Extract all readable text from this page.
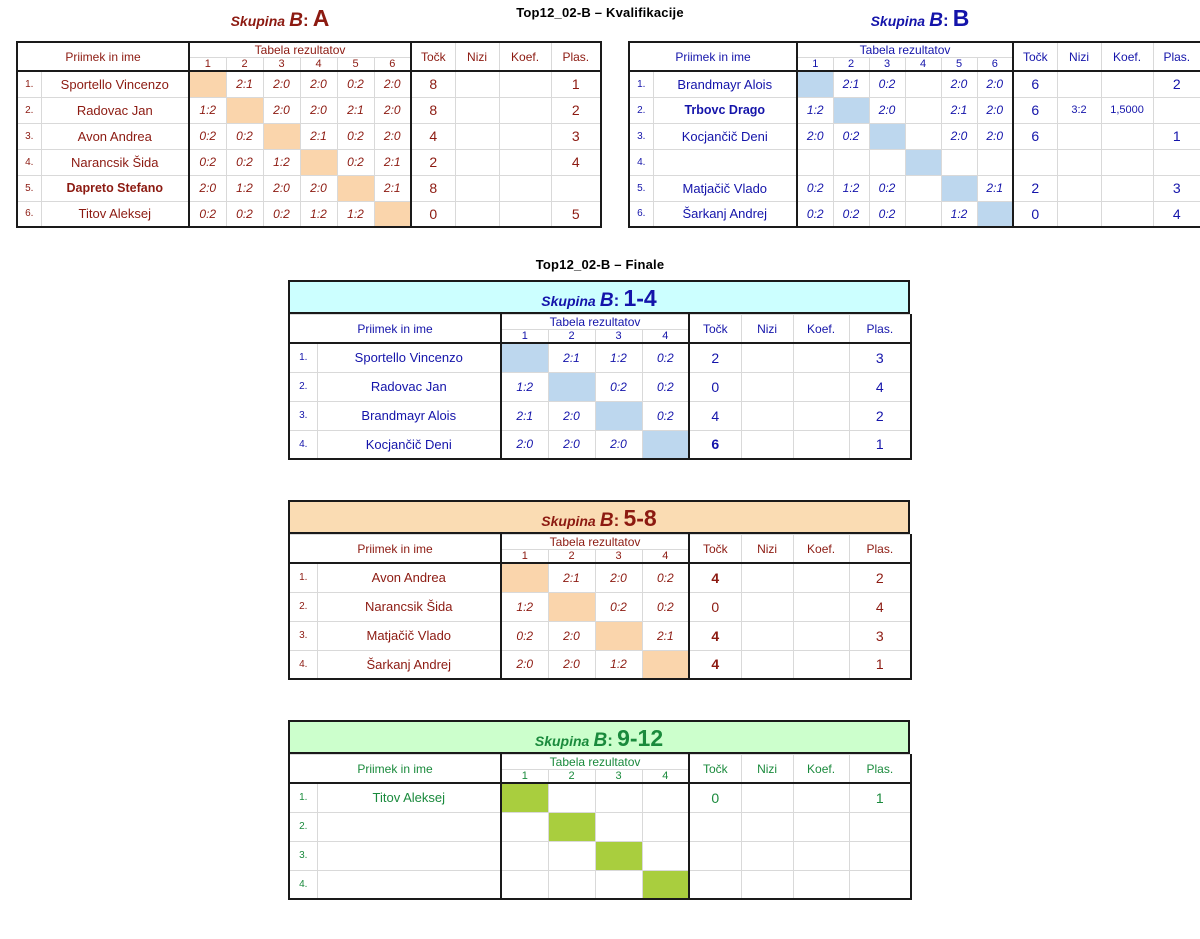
Top12_02-B – Kvalifikacije
Skupina B: A	Skupina B: B
Priimek in ime		Tabela rezultatov						Točk	Nizi	Koef.	Plas.
		1	2	3	4	5	6				
1.	Sportello Vincenzo		2:1	2:0	2:0	0:2	2:0	8			1
2.	Radovac Jan	1:2		2:0	2:0	2:1	2:0	8			2
3.	Avon Andrea	0:2	0:2		2:1	0:2	2:0	4			3
4.	Narancsik Šida	0:2	0:2	1:2		0:2	2:1	2			4
5.	Dapreto Stefano	2:0	1:2	2:0	2:0		2:1	8			
6.	Titov Aleksej	0:2	0:2	0:2	1:2	1:2		0			5
Priimek in ime		Tabela rezultatov						Točk	Nizi	Koef.	Plas.
		1	2	3	4	5	6				
1.	Brandmayr Alois		2:1	0:2		2:0	2:0	6			2
2.	Trbovc Drago	1:2		2:0		2:1	2:0	6	3:2	1,5000	
3.	Kocjančič Deni	2:0	0:2			2:0	2:0	6			1
4.											
5.	Matjačič Vlado	0:2	1:2	0:2			2:1	2			3
6.	Šarkanj Andrej	0:2	0:2	0:2		1:2		0			4
Top12_02-B – Finale
Skupina B: 1-4
Priimek in ime		Tabela rezultatov				Točk	Nizi	Koef.	Plas.
		1	2	3	4				
1.	Sportello Vincenzo		2:1	1:2	0:2	2			3
2.	Radovac Jan	1:2		0:2	0:2	0			4
3.	Brandmayr Alois	2:1	2:0		0:2	4			2
4.	Kocjančič Deni	2:0	2:0	2:0		6			1
Skupina B: 5-8
Priimek in ime		Tabela rezultatov				Točk	Nizi	Koef.	Plas.
		1	2	3	4				
1.	Avon Andrea		2:1	2:0	0:2	4			2
2.	Narancsik Šida	1:2		0:2	0:2	0			4
3.	Matjačič Vlado	0:2	2:0		2:1	4			3
4.	Šarkanj Andrej	2:0	2:0	1:2		4			1
Skupina B: 9-12
Priimek in ime		Tabela rezultatov				Točk	Nizi	Koef.	Plas.
		1	2	3	4				
1.	Titov Aleksej					0			1
2.									
3.									
4.									
